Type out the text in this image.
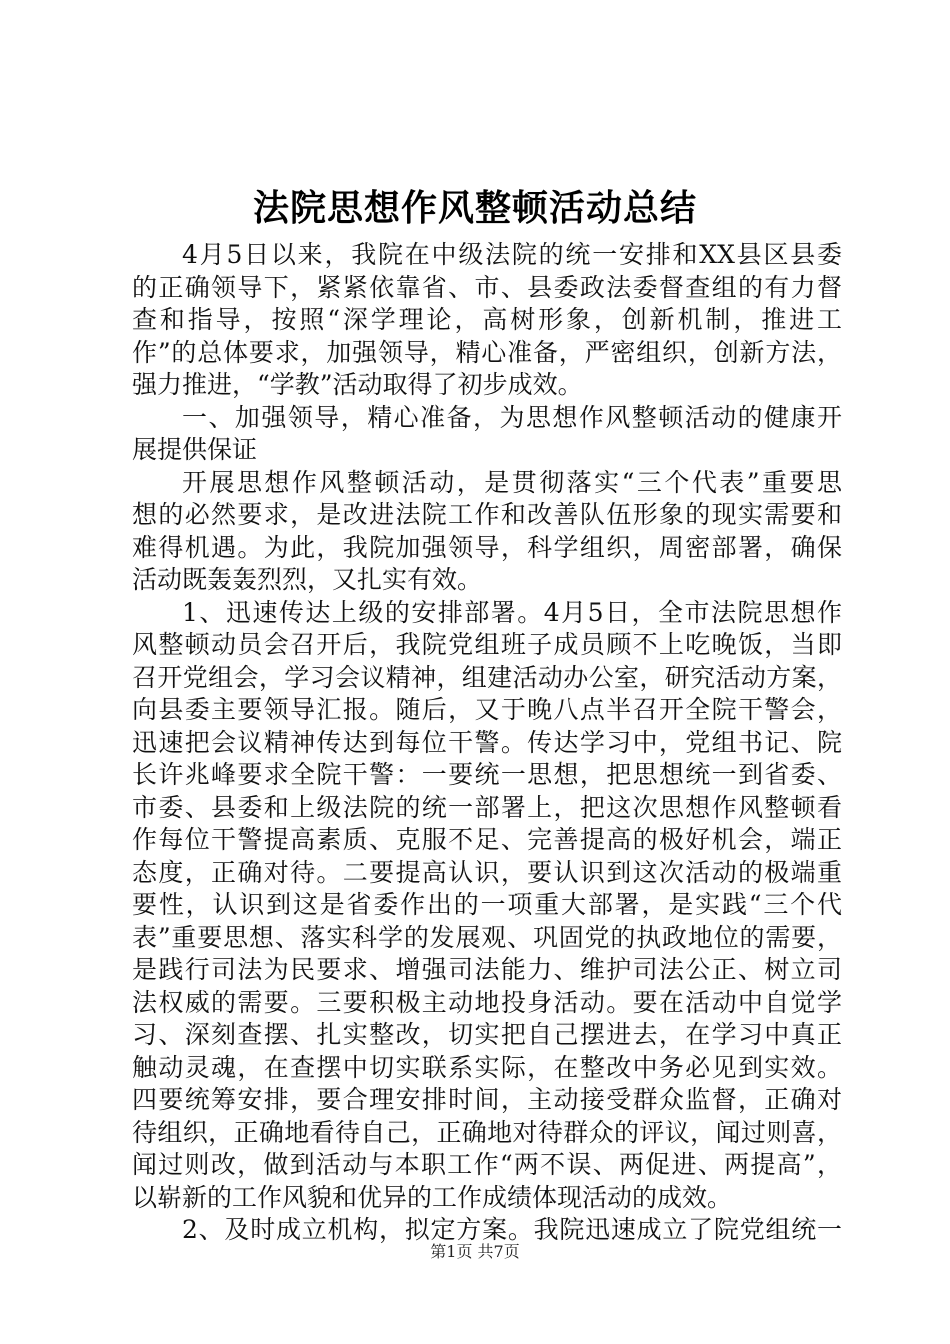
法院思想作风整顿活动总结
4月5日以来，我院在中级法院的统一安排和XX县区县委
的正确领导下，紧紧依靠省、市、县委政法委督查组的有力督
查和指导，按照“深学理论，高树形象，创新机制，推进工
作”的总体要求，加强领导，精心准备，严密组织，创新方法，
强力推进，“学教”活动取得了初步成效。
一、加强领导，精心准备，为思想作风整顿活动的健康开
展提供保证
开展思想作风整顿活动，是贯彻落实“三个代表”重要思
想的必然要求，是改进法院工作和改善队伍形象的现实需要和
难得机遇。为此，我院加强领导，科学组织，周密部署，确保
活动既轰轰烈烈，又扎实有效。
1、迅速传达上级的安排部署。4月5日，全市法院思想作
风整顿动员会召开后，我院党组班子成员顾不上吃晚饭，当即
召开党组会，学习会议精神，组建活动办公室，研究活动方案，
向县委主要领导汇报。随后，又于晚八点半召开全院干警会，
迅速把会议精神传达到每位干警。传达学习中，党组书记、院
长许兆峰要求全院干警：一要统一思想，把思想统一到省委、
市委、县委和上级法院的统一部署上，把这次思想作风整顿看
作每位干警提高素质、克服不足、完善提高的极好机会，端正
态度，正确对待。二要提高认识，要认识到这次活动的极端重
要性，认识到这是省委作出的一项重大部署，是实践“三个代
表”重要思想、落实科学的发展观、巩固党的执政地位的需要，
是践行司法为民要求、增强司法能力、维护司法公正、树立司
法权威的需要。三要积极主动地投身活动。要在活动中自觉学
习、深刻查摆、扎实整改，切实把自己摆进去，在学习中真正
触动灵魂，在查摆中切实联系实际，在整改中务必见到实效。
四要统筹安排，要合理安排时间，主动接受群众监督，正确对
待组织，正确地看待自己，正确地对待群众的评议，闻过则喜，
闻过则改，做到活动与本职工作“两不误、两促进、两提高”，
以崭新的工作风貌和优异的工作成绩体现活动的成效。
2、及时成立机构，拟定方案。我院迅速成立了院党组统一
第1页 共7页
